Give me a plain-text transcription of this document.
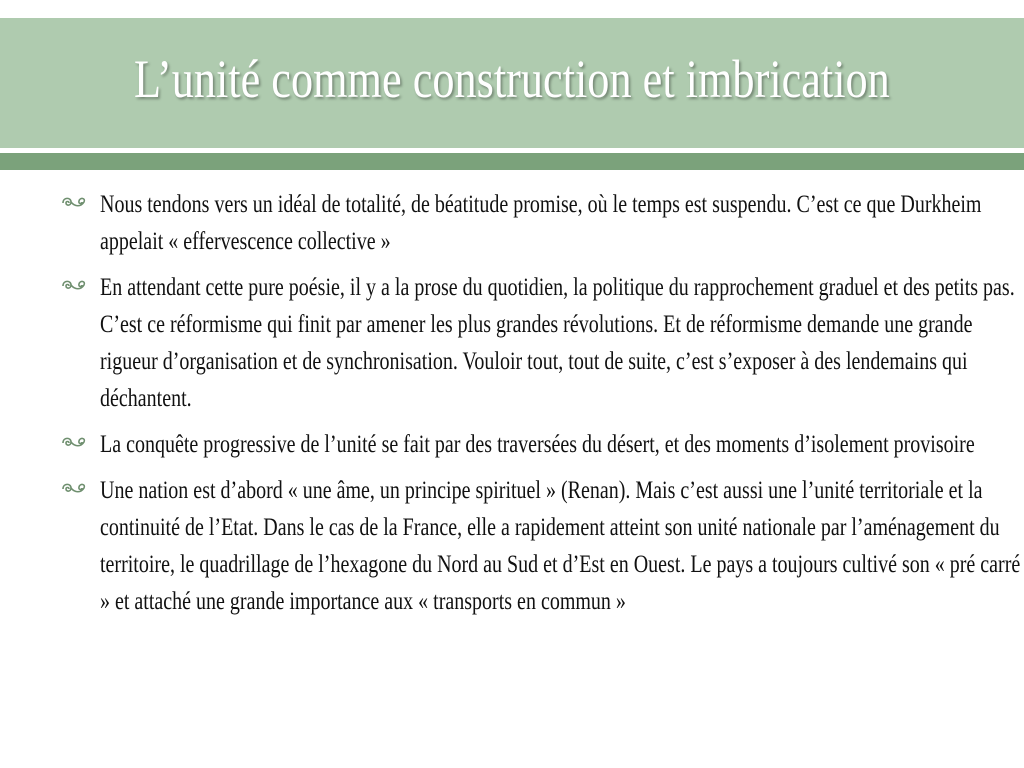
L’unité comme construction et imbrication
Nous tendons vers un idéal de totalité, de béatitude promise, où le temps est suspendu. C’est ce que Durkheim appelait « effervescence collective »
En attendant cette pure poésie, il y a la prose du quotidien, la politique du rapprochement graduel et des petits pas. C’est ce réformisme qui finit par amener les plus grandes révolutions. Et de réformisme demande une grande rigueur d’organisation et de synchronisation. Vouloir tout, tout de suite, c’est s’exposer à des lendemains qui déchantent.
La conquête progressive de l’unité se fait par des traversées du désert, et des moments d’isolement provisoire
Une nation est d’abord « une âme, un principe spirituel » (Renan). Mais c’est aussi une l’unité territoriale et la continuité de l’Etat. Dans le cas de la France, elle a rapidement atteint son unité nationale par l’aménagement du territoire, le quadrillage de l’hexagone du Nord au Sud et d’Est en Ouest. Le pays a toujours cultivé son « pré carré » et attaché une grande importance aux « transports en commun »
